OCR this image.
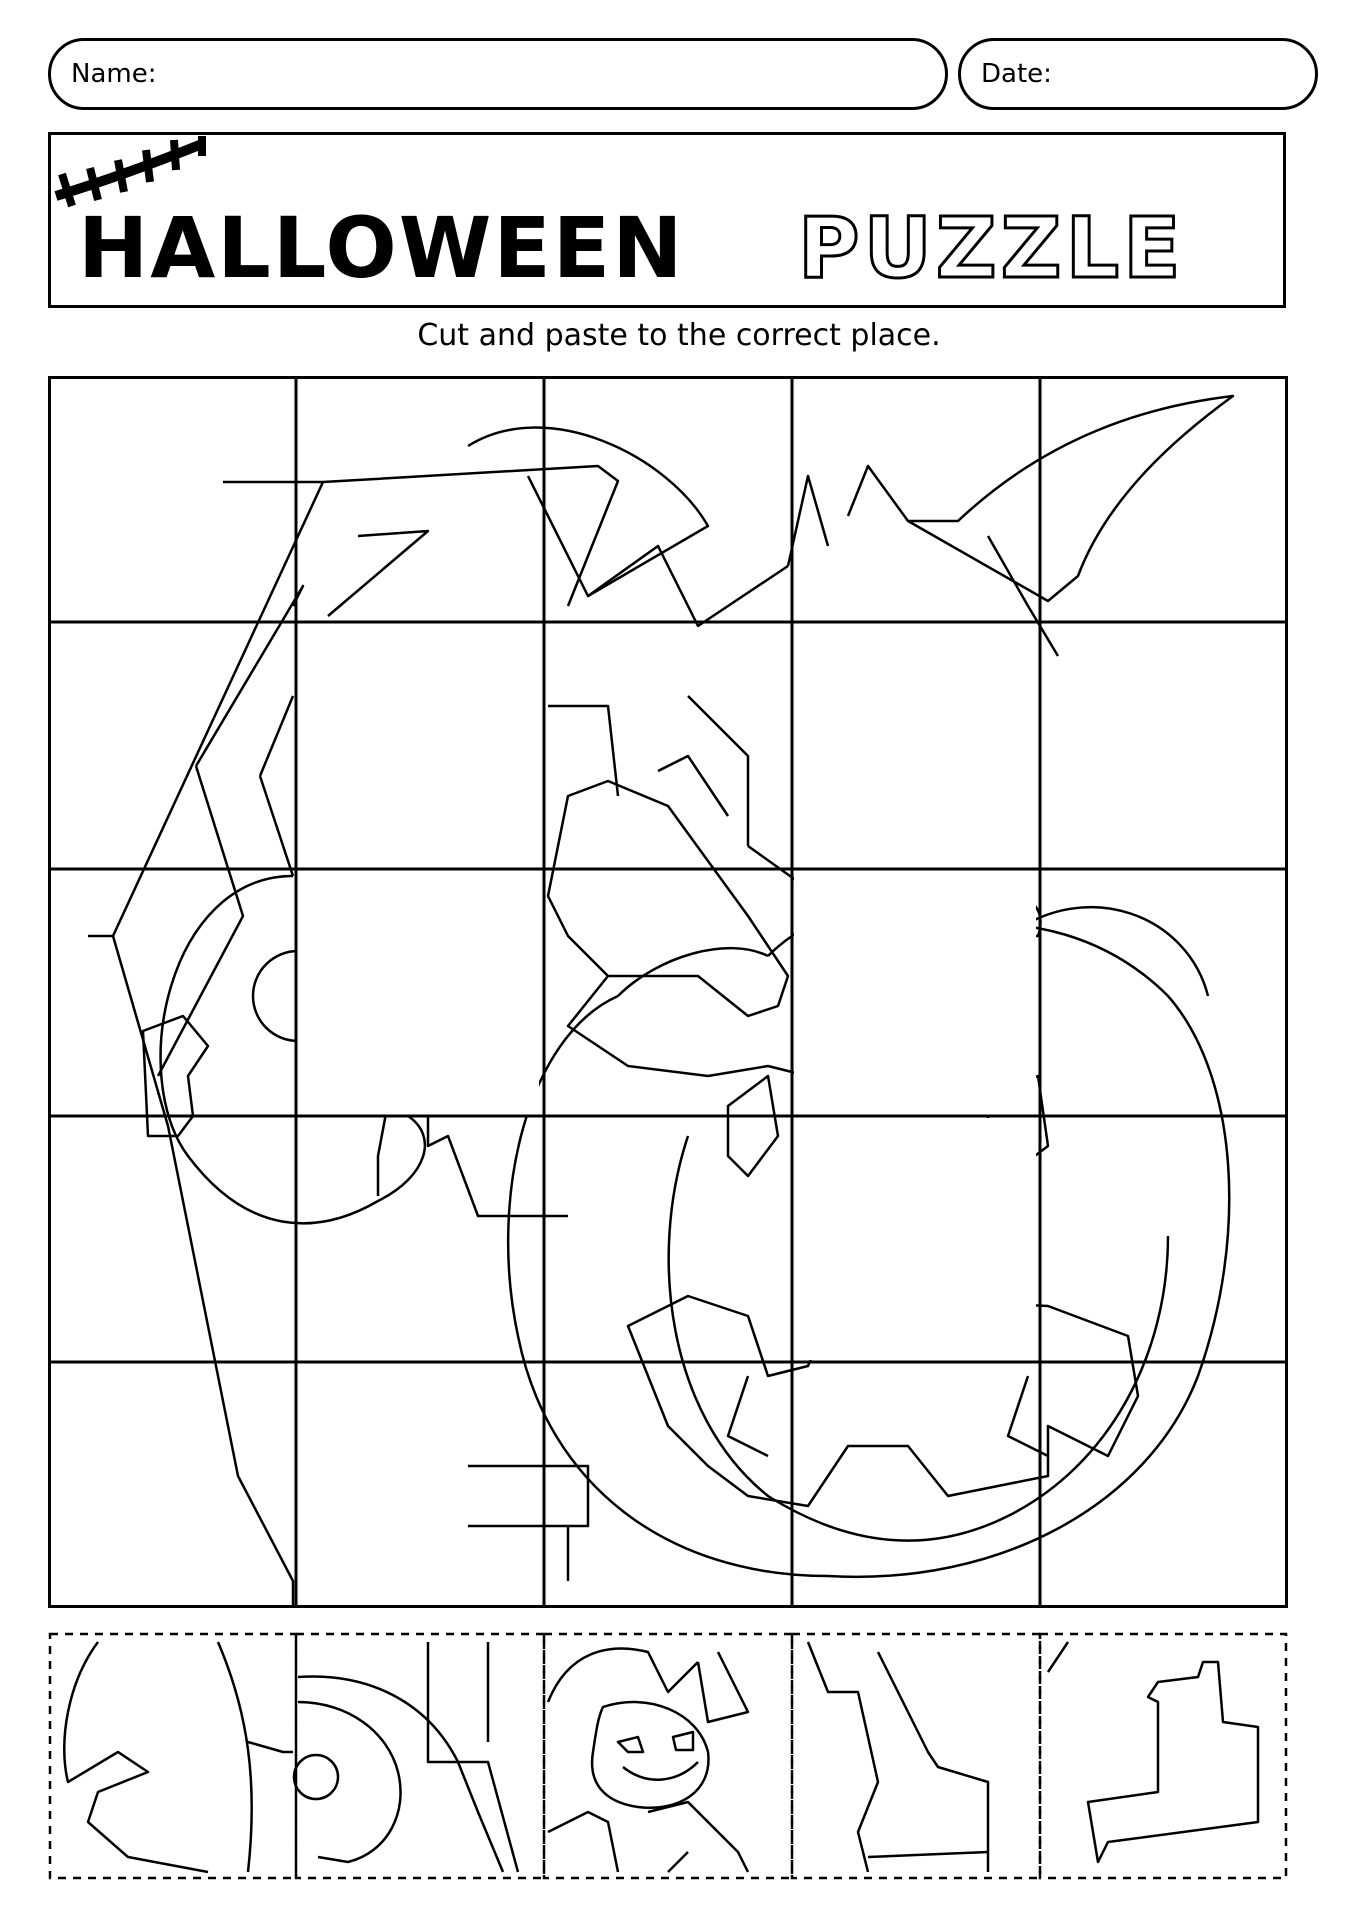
Name:	Date:
HALLOWEEN PUZZLE
Cut and paste to the correct place.
